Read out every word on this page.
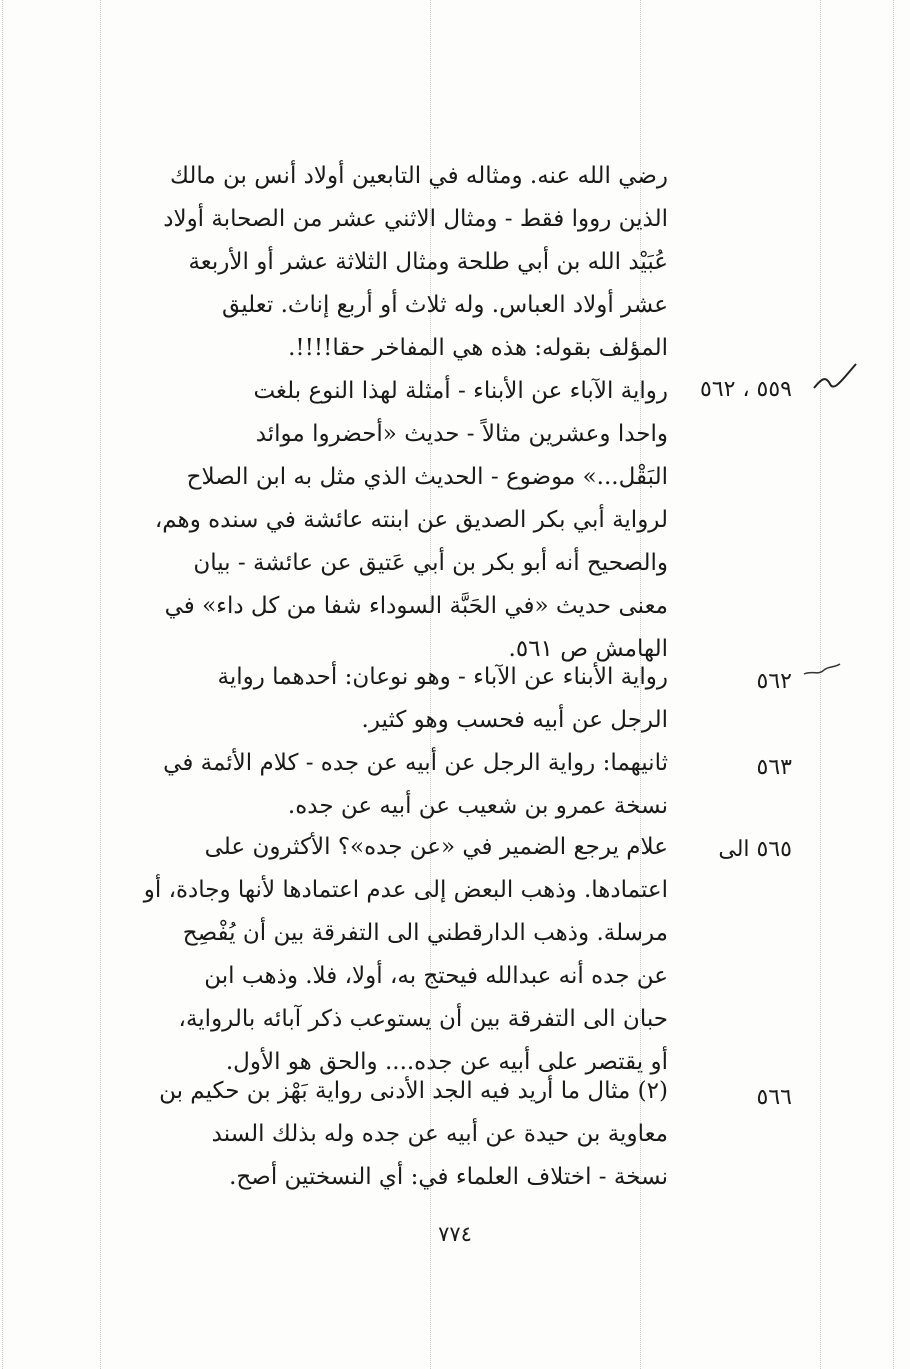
رضي الله عنه. ومثاله في التابعين أولاد أنس بن مالك
الذين رووا فقط - ومثال الاثني عشر من الصحابة أولاد
عُبَيْد الله بن أبي طلحة ومثال الثلاثة عشر أو الأربعة
عشر أولاد العباس. وله ثلاث أو أربع إناث. تعليق
المؤلف بقوله: هذه هي المفاخر حقا!!!!.
٥٥٩ ، ٥٦٢
رواية الآباء عن الأبناء - أمثلة لهذا النوع بلغت
واحدا وعشرين مثالاً - حديث «أحضروا موائد
البَقْل...» موضوع - الحديث الذي مثل به ابن الصلاح
لرواية أبي بكر الصديق عن ابنته عائشة في سنده وهم،
والصحيح أنه أبو بكر بن أبي عَتيق عن عائشة - بيان
معنى حديث «في الحَبَّة السوداء شفا من كل داء» في
الهامش ص ٥٦١.
٥٦٢
رواية الأبناء عن الآباء - وهو نوعان: أحدهما رواية
الرجل عن أبيه فحسب وهو كثير.
٥٦٣
ثانيهما: رواية الرجل عن أبيه عن جده - كلام الأئمة في
نسخة عمرو بن شعيب عن أبيه عن جده.
٥٦٥ الى
علام يرجع الضمير في «عن جده»؟ الأكثرون على
اعتمادها. وذهب البعض إلى عدم اعتمادها لأنها وجادة، أو
مرسلة. وذهب الدارقطني الى التفرقة بين أن يُفْصِح
عن جده أنه عبدالله فيحتج به، أولا، فلا. وذهب ابن
حبان الى التفرقة بين أن يستوعب ذكر آبائه بالرواية،
أو يقتصر على أبيه عن جده.... والحق هو الأول.
٥٦٦
(٢) مثال ما أريد فيه الجد الأدنى رواية بَهْز بن حكيم بن
معاوية بن حيدة عن أبيه عن جده وله بذلك السند
نسخة - اختلاف العلماء في: أي النسختين أصح.
٧٧٤
